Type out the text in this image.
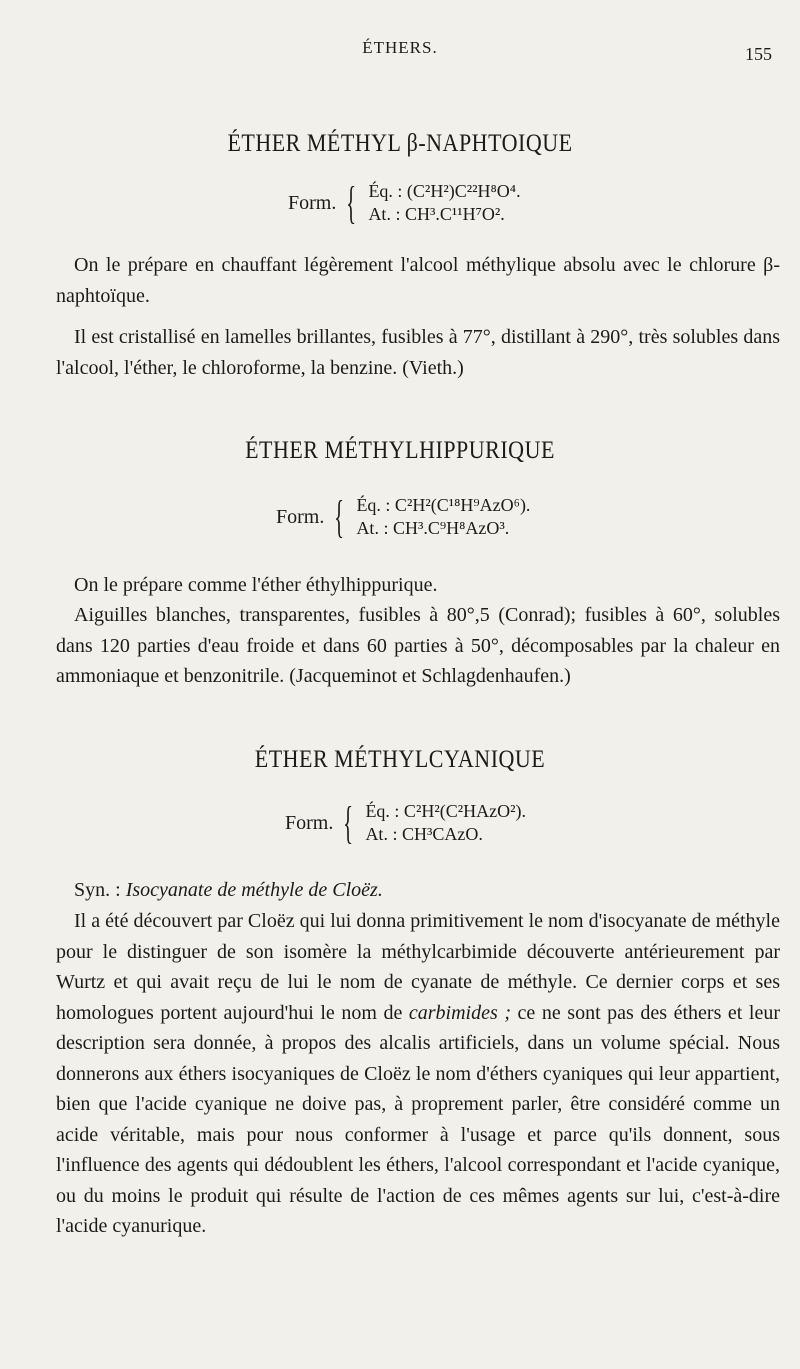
ÉTHERS.	155
ÉTHER MÉTHYL β-NAPHTOIQUE
Form. { Éq. : (C²H²)C²²H⁸O⁴.
At. : CH³.C¹¹H⁷O².

On le prépare en chauffant légèrement l'alcool méthylique absolu avec le chlorure β-naphtoïque.

Il est cristallisé en lamelles brillantes, fusibles à 77°, distillant à 290°, très solubles dans l'alcool, l'éther, le chloroforme, la benzine. (Vieth.)

ÉTHER MÉTHYLHIPPURIQUE
Form. { Éq. : C²H²(C¹⁸H⁹AzO⁶).
At. : CH³.C⁹H⁸AzO³.

On le prépare comme l'éther éthylhippurique.

Aiguilles blanches, transparentes, fusibles à 80°,5 (Conrad); fusibles à 60°, solubles dans 120 parties d'eau froide et dans 60 parties à 50°, décomposables par la chaleur en ammoniaque et benzonitrile. (Jacqueminot et Schlagdenhaufen.)

ÉTHER MÉTHYLCYANIQUE
Form. { Éq. : C²H²(C²HAzO²).
At. : CH³CAzO.

Syn. : Isocyanate de méthyle de Cloëz.

Il a été découvert par Cloëz qui lui donna primitivement le nom d'isocyanate de méthyle pour le distinguer de son isomère la méthylcarbimide découverte antérieurement par Wurtz et qui avait reçu de lui le nom de cyanate de méthyle. Ce dernier corps et ses homologues portent aujourd'hui le nom de carbimides ; ce ne sont pas des éthers et leur description sera donnée, à propos des alcalis artificiels, dans un volume spécial. Nous donnerons aux éthers isocyaniques de Cloëz le nom d'éthers cyaniques qui leur appartient, bien que l'acide cyanique ne doive pas, à proprement parler, être considéré comme un acide véritable, mais pour nous conformer à l'usage et parce qu'ils donnent, sous l'influence des agents qui dédoublent les éthers, l'alcool correspondant et l'acide cyanique, ou du moins le produit qui résulte de l'action de ces mêmes agents sur lui, c'est-à-dire l'acide cyanurique.
